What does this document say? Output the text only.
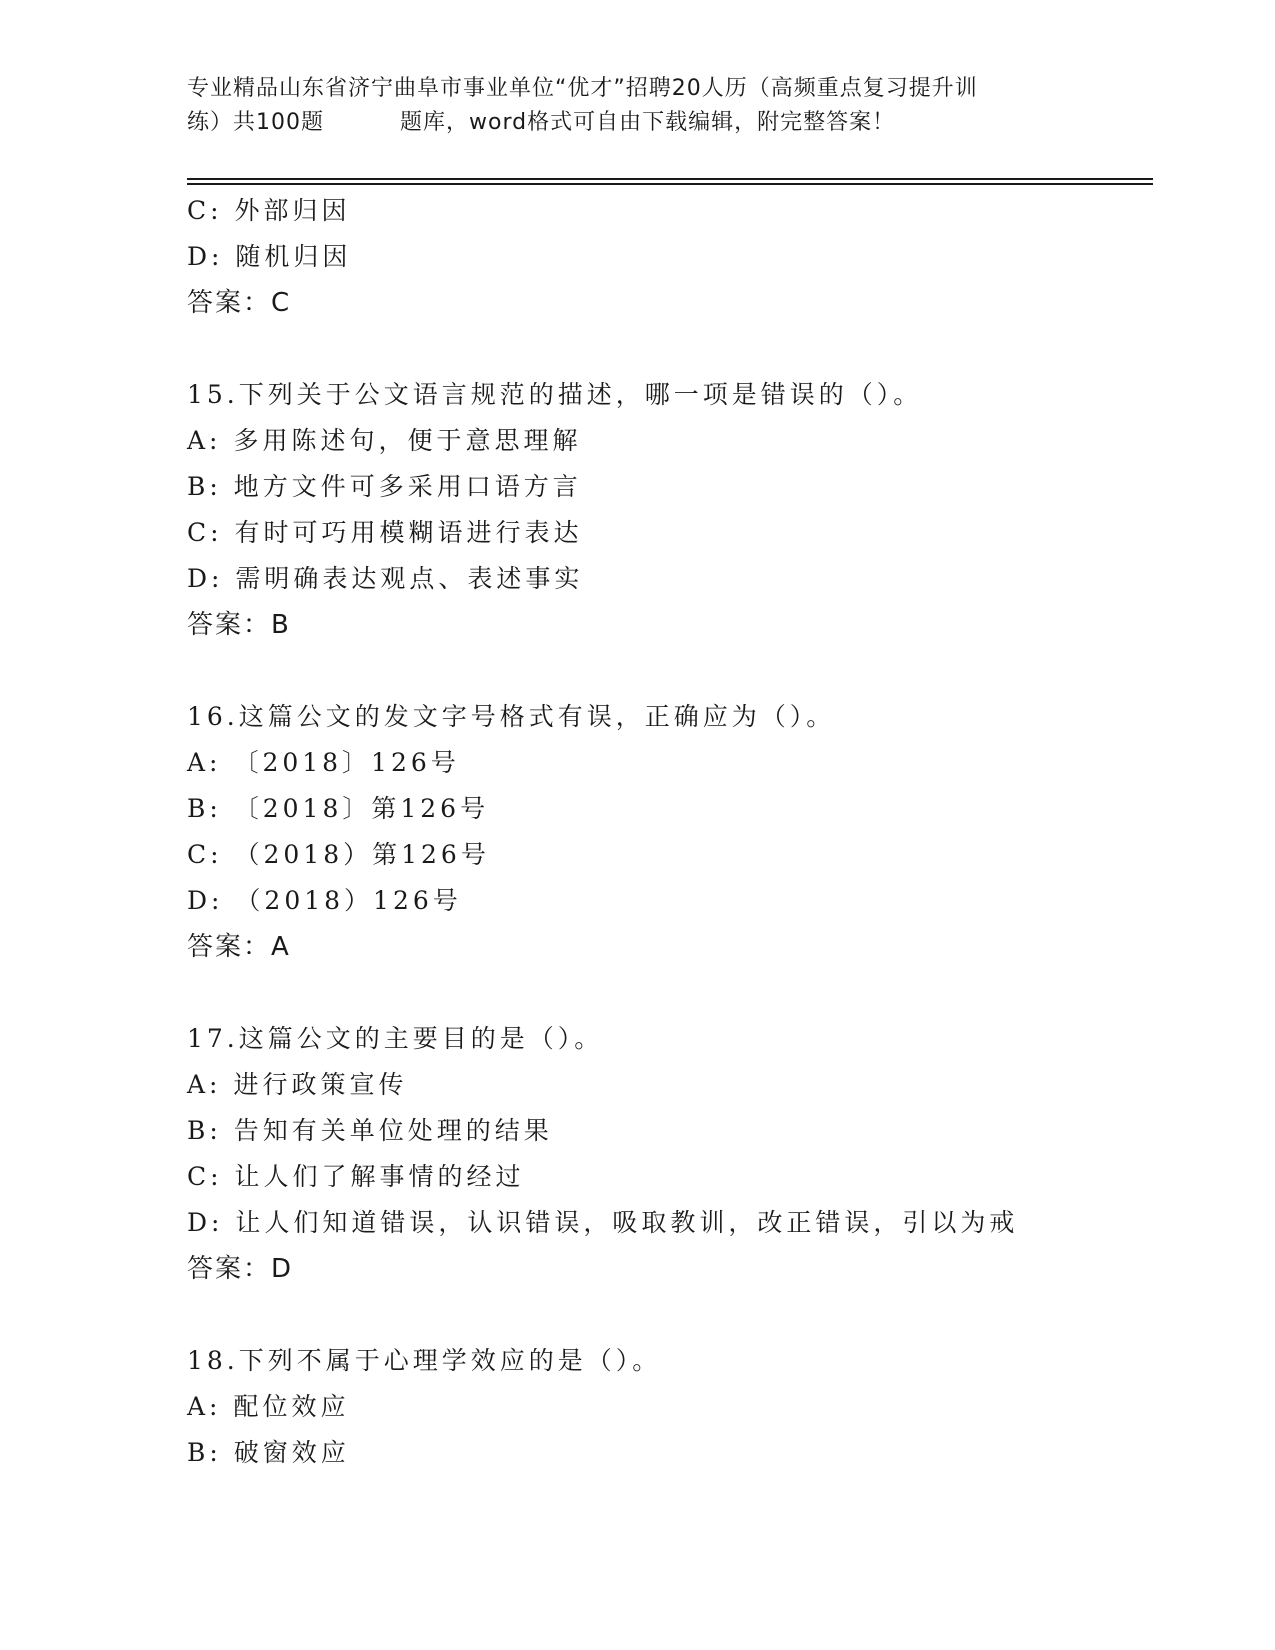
专业精品山东省济宁曲阜市事业单位“优才”招聘20人历（高频重点复习提升训
练）共100题	题库，word格式可自由下载编辑，附完整答案！
C: 外部归因
D: 随机归因
答案：C
15.下列关于公文语言规范的描述，哪一项是错误的（）。
A: 多用陈述句，便于意思理解
B: 地方文件可多采用口语方言
C: 有时可巧用模糊语进行表达
D: 需明确表达观点、表述事实
答案：B
16.这篇公文的发文字号格式有误，正确应为（）。
A: 〔2018〕126号
B: 〔2018〕第126号
C: （2018）第126号
D: （2018）126号
答案：A
17.这篇公文的主要目的是（）。
A: 进行政策宣传
B: 告知有关单位处理的结果
C: 让人们了解事情的经过
D: 让人们知道错误，认识错误，吸取教训，改正错误，引以为戒
答案：D
18.下列不属于心理学效应的是（）。
A: 配位效应
B: 破窗效应
